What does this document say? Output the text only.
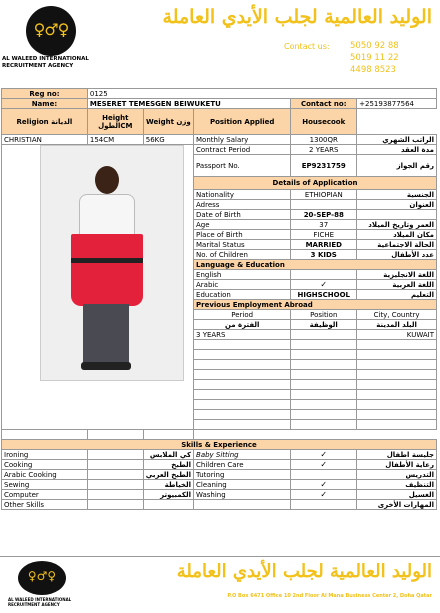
♀♂♀
AL WALEED INTERNATIONAL RECRUITMENT AGENCY
الوليد العالمية لجلب الأيدي العاملة
Contact us: 5050 92 88
5019 11 22
4498 8523
Reg no:	0125				
Name:	MESERET TEMESGEN BEIWUKETU			Contact no:	+25193877564
Religion الديانة	Height الطولCM	Weight وزن	Position Applied	Housecook	
CHRISTIAN	154CM	56KG	Monthly Salary	1300QR	الراتب الشهري

			Contract Period	2 YEARS	مدة العقد
			Passport No.	EP9231759	رقم الجواز
			Details of Application		
			Nationality	ETHIOPIAN	الجنسية
			Adress		العنوان
			Date of Birth	20-SEP-88	
			Age	37	العمر وتاريخ الميلاد
			Place of Birth	FICHE	مكان الميلاد
			Marital Status	MARRIED	الحالة الاجتماعية
			No. of Children	3 KIDS	عدد الأطفال
			Language & Education		
			English		اللغة الانجليزية
			Arabic	✓	اللغة العربية
			Education	HIGHSCHOOL	التعليم
			Previous Employment Abroad		
			Period	Position	City, Country
			الفترة من	الوظيفة	البلد المدينة
			3 YEARS		KUWAIT

Skills & Experience					
Ironing		كي الملابس	Baby Sitting	✓	جليسة اطفال
Cooking		الطبخ	Children Care	✓	رعاية الأطفال
Arabic Cooking		الطبخ العربي	Tutoring		التدريس
Sewing		الخياطة	Cleaning	✓	التنظيف
Computer		الكمبيوتر	Washing	✓	الغسيل
Other Skills					المهارات الأخرى
♀♂♀
AL WALEED INTERNATIONAL RECRUITMENT AGENCY
الوليد العالمية لجلب الأيدي العاملة
P.O Box 6471 Office 10 2nd Floor Al Mana Business Center 2, Doha Qatar
